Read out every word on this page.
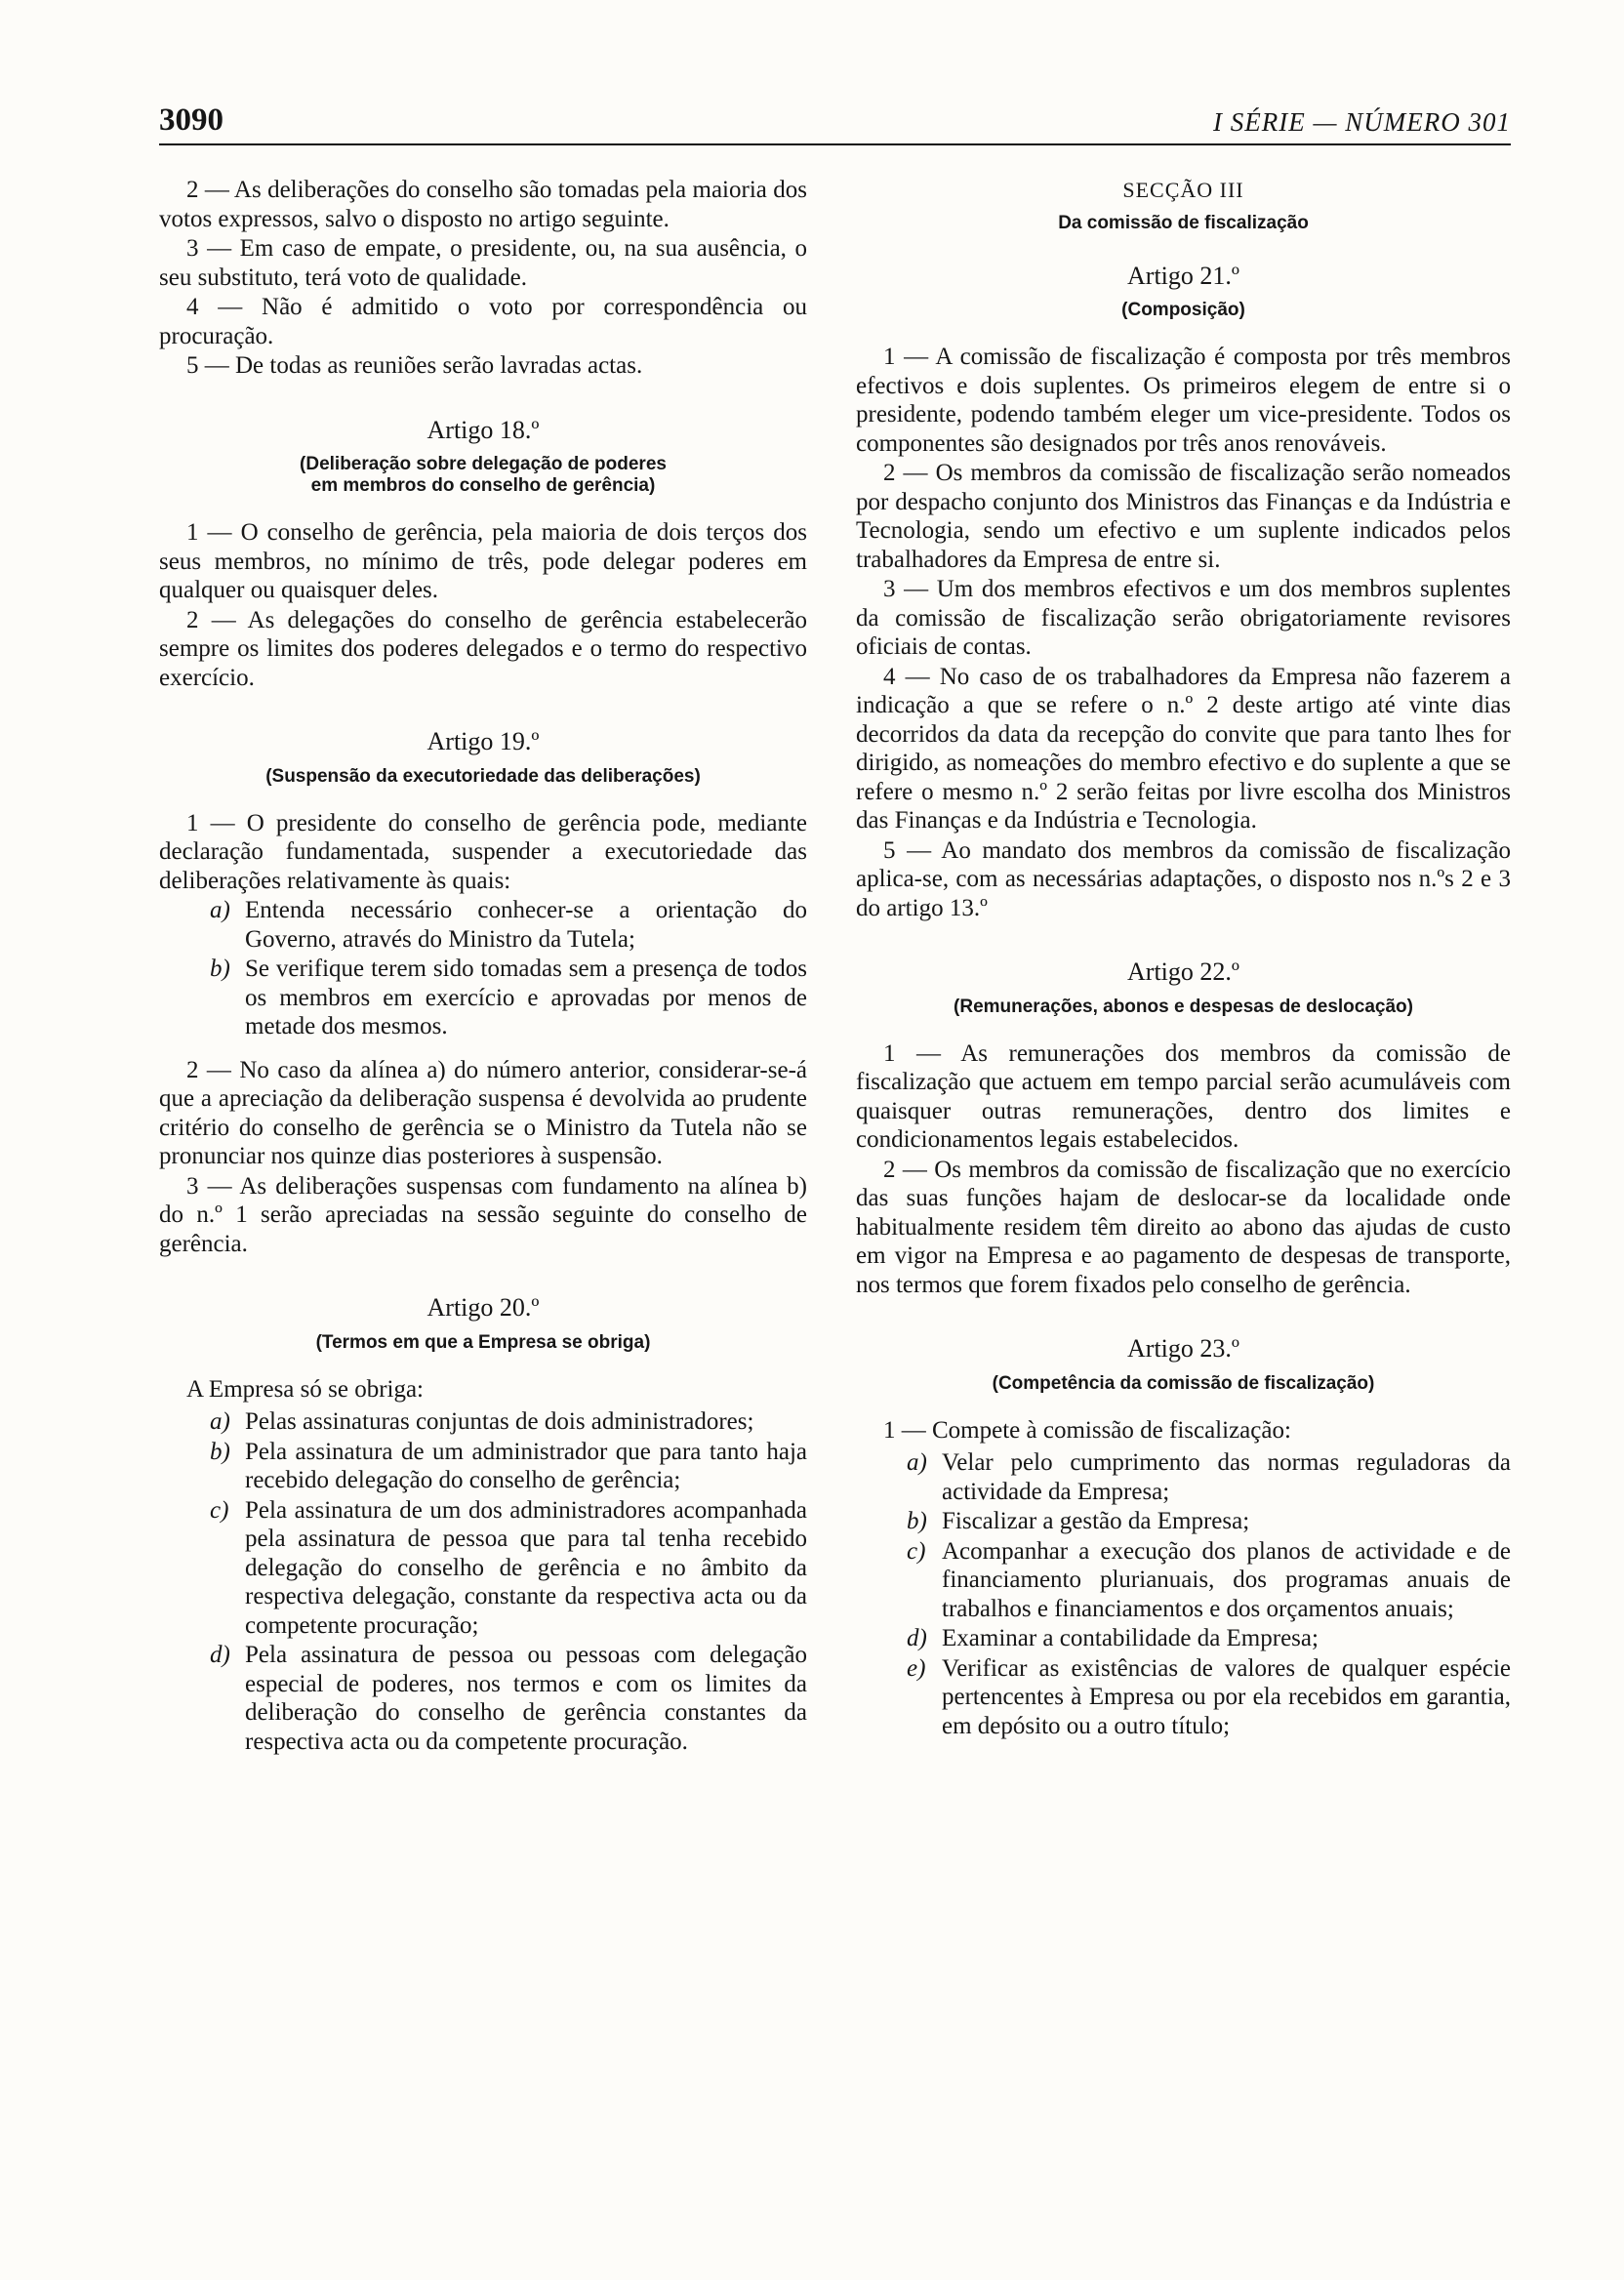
3090	I SÉRIE — NÚMERO 301

2 — As deliberações do conselho são tomadas pela maioria dos votos expressos, salvo o disposto no artigo seguinte.

3 — Em caso de empate, o presidente, ou, na sua ausência, o seu substituto, terá voto de qualidade.

4 — Não é admitido o voto por correspondência ou procuração.

5 — De todas as reuniões serão lavradas actas.

Artigo 18.º
(Deliberação sobre delegação de poderes
em membros do conselho de gerência)

1 — O conselho de gerência, pela maioria de dois terços dos seus membros, no mínimo de três, pode delegar poderes em qualquer ou quaisquer deles.

2 — As delegações do conselho de gerência estabelecerão sempre os limites dos poderes delegados e o termo do respectivo exercício.

Artigo 19.º
(Suspensão da executoriedade das deliberações)

1 — O presidente do conselho de gerência pode, mediante declaração fundamentada, suspender a executoriedade das deliberações relativamente às quais:

a) Entenda necessário conhecer-se a orientação do Governo, através do Ministro da Tutela;
b) Se verifique terem sido tomadas sem a presença de todos os membros em exercício e aprovadas por menos de metade dos mesmos.

2 — No caso da alínea a) do número anterior, considerar-se-á que a apreciação da deliberação suspensa é devolvida ao prudente critério do conselho de gerência se o Ministro da Tutela não se pronunciar nos quinze dias posteriores à suspensão.

3 — As deliberações suspensas com fundamento na alínea b) do n.º 1 serão apreciadas na sessão seguinte do conselho de gerência.

Artigo 20.º
(Termos em que a Empresa se obriga)

A Empresa só se obriga:

a) Pelas assinaturas conjuntas de dois administradores;
b) Pela assinatura de um administrador que para tanto haja recebido delegação do conselho de gerência;
c) Pela assinatura de um dos administradores acompanhada pela assinatura de pessoa que para tal tenha recebido delegação do conselho de gerência e no âmbito da respectiva delegação, constante da respectiva acta ou da competente procuração;
d) Pela assinatura de pessoa ou pessoas com delegação especial de poderes, nos termos e com os limites da deliberação do conselho de gerência constantes da respectiva acta ou da competente procuração.
SECÇÃO III
Da comissão de fiscalização
Artigo 21.º
(Composição)

1 — A comissão de fiscalização é composta por três membros efectivos e dois suplentes. Os primeiros elegem de entre si o presidente, podendo também eleger um vice-presidente. Todos os componentes são designados por três anos renováveis.

2 — Os membros da comissão de fiscalização serão nomeados por despacho conjunto dos Ministros das Finanças e da Indústria e Tecnologia, sendo um efectivo e um suplente indicados pelos trabalhadores da Empresa de entre si.

3 — Um dos membros efectivos e um dos membros suplentes da comissão de fiscalização serão obrigatoriamente revisores oficiais de contas.

4 — No caso de os trabalhadores da Empresa não fazerem a indicação a que se refere o n.º 2 deste artigo até vinte dias decorridos da data da recepção do convite que para tanto lhes for dirigido, as nomeações do membro efectivo e do suplente a que se refere o mesmo n.º 2 serão feitas por livre escolha dos Ministros das Finanças e da Indústria e Tecnologia.

5 — Ao mandato dos membros da comissão de fiscalização aplica-se, com as necessárias adaptações, o disposto nos n.ºs 2 e 3 do artigo 13.º

Artigo 22.º
(Remunerações, abonos e despesas de deslocação)

1 — As remunerações dos membros da comissão de fiscalização que actuem em tempo parcial serão acumuláveis com quaisquer outras remunerações, dentro dos limites e condicionamentos legais estabelecidos.

2 — Os membros da comissão de fiscalização que no exercício das suas funções hajam de deslocar-se da localidade onde habitualmente residem têm direito ao abono das ajudas de custo em vigor na Empresa e ao pagamento de despesas de transporte, nos termos que forem fixados pelo conselho de gerência.

Artigo 23.º
(Competência da comissão de fiscalização)

1 — Compete à comissão de fiscalização:

a) Velar pelo cumprimento das normas reguladoras da actividade da Empresa;
b) Fiscalizar a gestão da Empresa;
c) Acompanhar a execução dos planos de actividade e de financiamento plurianuais, dos programas anuais de trabalhos e financiamentos e dos orçamentos anuais;
d) Examinar a contabilidade da Empresa;
e) Verificar as existências de valores de qualquer espécie pertencentes à Empresa ou por ela recebidos em garantia, em depósito ou a outro título;
